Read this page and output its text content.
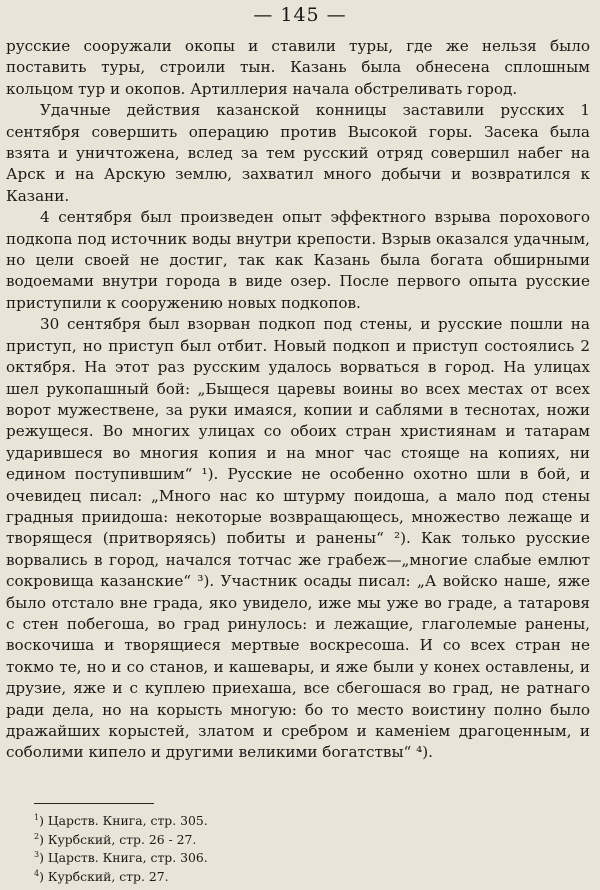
— 145 —

русские сооружали окопы и ставили туры, где же нельзя было поставить туры, строили тын. Казань была обнесена сплошным кольцом тур и окопов. Артиллерия начала обстреливать город.

Удачные действия казанской конницы заставили русских 1 сентября совершить операцию против Высокой горы. Засека была взята и уничтожена, вслед за тем русский отряд совершил набег на Арск и на Арскую землю, захватил много добычи и возвратился к Казани.

4 сентября был произведен опыт эффектного взрыва порохового подкопа под источник воды внутри крепости. Взрыв оказался удачным, но цели своей не достиг, так как Казань была богата обширными водоемами внутри города в виде озер. После первого опыта русские приступили к сооружению новых подкопов.

30 сентября был взорван подкоп под стены, и русские пошли на приступ, но приступ был отбит. Новый подкоп и приступ состоялись 2 октября. На этот раз русским удалось ворваться в город. На улицах шел рукопашный бой: „Быщеся царевы воины во всех местах от всех ворот мужествене, за руки имаяся, копии и саблями в теснотах, ножи режущеся. Во многих улицах со обоих стран християнам и татарам ударившеся во многия копия и на мног час стояще на копиях, ни едином поступившим“ ¹). Русские не особенно охотно шли в бой, и очевидец писал: „Много нас ко штурму поидоша, а мало под стены градныя приидоша: некоторые возвращающесь, множество лежаще и творящеся (притворяясь) побиты и ранены“ ²). Как только русские ворвались в город, начался тотчас же грабеж—„многие слабые емлют сокровища казанские“ ³). Участник осады писал: „А войско наше, яже было отстало вне града, яко увидело, иже мы уже во граде, а татаровя с стен побегоша, во град ринулось: и лежащие, глаголемые ранены, воскочиша и творящиеся мертвые воскресоша. И со всех стран не токмо те, но и со станов, и кашевары, и яже были у конех оставлены, и друзие, яже и с куплею приехаша, все сбегошася во град, не ратнаго ради дела, но на корысть многую: бо то место воистину полно было дражайших корыстей, златом и сребром и каменіем драгоценным, и соболими кипело и другими великими богатствы“ ⁴).

$^1$) Царств. Книга, стр. 305.
$^2$) Курбский, стр. 26 - 27.
$^3$) Царств. Книга, стр. 306.
$^4$) Курбский, стр. 27.
